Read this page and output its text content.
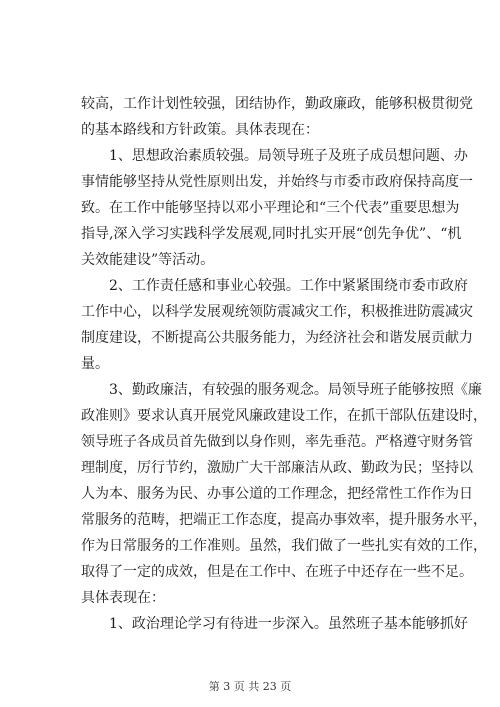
较高，工作计划性较强，团结协作，勤政廉政，能够积极贯彻党
的基本路线和方针政策。具体表现在：
　　1、思想政治素质较强。局领导班子及班子成员想问题、办
事情能够坚持从党性原则出发，并始终与市委市政府保持高度一
致。在工作中能够坚持以邓小平理论和“三个代表”重要思想为
指导,深入学习实践科学发展观,同时扎实开展“创先争优”、“机
关效能建设”等活动。
　　2、工作责任感和事业心较强。工作中紧紧围绕市委市政府
工作中心，以科学发展观统领防震减灾工作，积极推进防震减灾
制度建设，不断提高公共服务能力，为经济社会和谐发展贡献力
量。
　　3、勤政廉洁，有较强的服务观念。局领导班子能够按照《廉
政准则》要求认真开展党风廉政建设工作，在抓干部队伍建设时，
领导班子各成员首先做到以身作则，率先垂范。严格遵守财务管
理制度，厉行节约，激励广大干部廉洁从政、勤政为民；坚持以
人为本、服务为民、办事公道的工作理念，把经常性工作作为日
常服务的范畴，把端正工作态度，提高办事效率，提升服务水平，
作为日常服务的工作准则。虽然，我们做了一些扎实有效的工作，
取得了一定的成效，但是在工作中、在班子中还存在一些不足。
具体表现在：
　　1、政治理论学习有待进一步深入。虽然班子基本能够抓好
第 3 页 共 23 页
